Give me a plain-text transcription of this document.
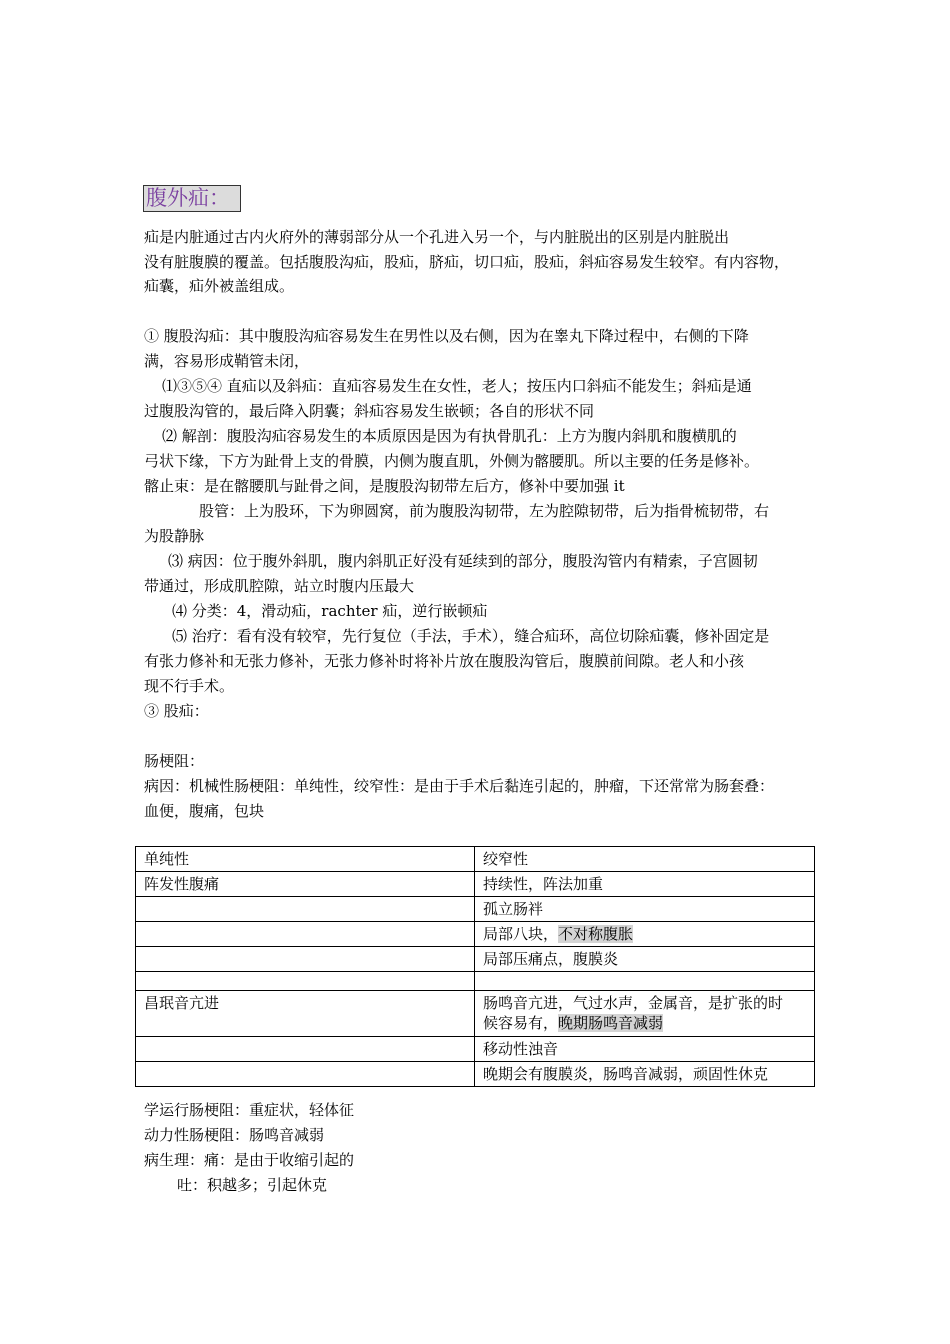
腹外疝：
疝是内脏通过古内火府外的薄弱部分从一个孔进入另一个，与内脏脱出的区别是内脏脱出
没有脏腹膜的覆盖。包括腹股沟疝，股疝，脐疝，切口疝，股疝，斜疝容易发生较窄。有内容物，
疝囊，疝外被盖组成。
① 腹股沟疝：其中腹股沟疝容易发生在男性以及右侧，因为在睾丸下降过程中，右侧的下降
满，容易形成鞘管未闭，
⑴③⑤④ 直疝以及斜疝：直疝容易发生在女性，老人；按压内口斜疝不能发生；斜疝是通
过腹股沟管的，最后降入阴囊；斜疝容易发生嵌顿；各自的形状不同
⑵ 解剖：腹股沟疝容易发生的本质原因是因为有执骨肌孔：上方为腹内斜肌和腹横肌的
弓状下缘，下方为趾骨上支的骨膜，内侧为腹直肌，外侧为髂腰肌。所以主要的任务是修补。
髂止束：是在髂腰肌与趾骨之间，是腹股沟韧带左后方，修补中要加强 it
股管：上为股环，下为卵圆窝，前为腹股沟韧带，左为腔隙韧带，后为指骨梳韧带，右
为股静脉
⑶ 病因：位于腹外斜肌，腹内斜肌正好没有延续到的部分，腹股沟管内有精索，子宫圆韧
带通过，形成肌腔隙，站立时腹内压最大
⑷ 分类：4，滑动疝，rachter 疝，逆行嵌顿疝
⑸ 治疗：看有没有较窄，先行复位（手法，手术），缝合疝环，高位切除疝囊，修补固定是
有张力修补和无张力修补，无张力修补时将补片放在腹股沟管后，腹膜前间隙。老人和小孩
现不行手术。
③ 股疝：
肠梗阻：
病因：机械性肠梗阻：单纯性，绞窄性：是由于手术后黏连引起的，肿瘤，下还常常为肠套叠：
血便，腹痛，包块
单纯性	绞窄性
阵发性腹痛	持续性，阵法加重
	孤立肠袢
	局部八块，不对称腹胀
	局部压痛点，腹膜炎

昌珉音亢进	肠鸣音亢进，气过水声，金属音，是扩张的时
候容易有，晚期肠鸣音减弱
	移动性浊音
	晚期会有腹膜炎，肠鸣音减弱，顽固性休克
学运行肠梗阻：重症状，轻体征
动力性肠梗阻：肠鸣音减弱
病生理：痛：是由于收缩引起的
吐：积越多；引起休克
